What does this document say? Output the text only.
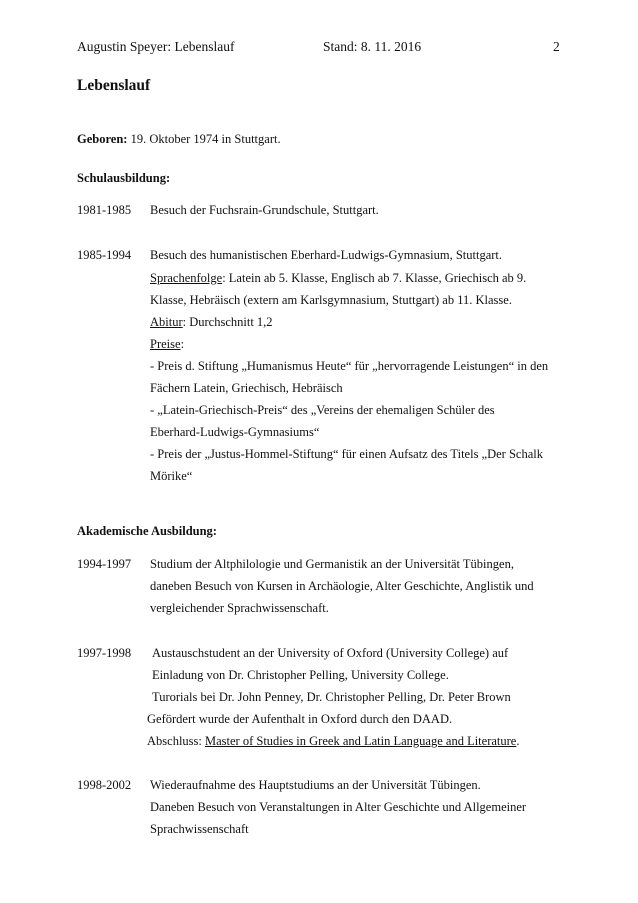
Augustin Speyer: Lebenslauf	Stand: 8. 11. 2016	2
Lebenslauf
Geboren: 19. Oktober 1974 in Stuttgart.
Schulausbildung:
1981-1985 Besuch der Fuchsrain-Grundschule, Stuttgart.
1985-1994 Besuch des humanistischen Eberhard-Ludwigs-Gymnasium, Stuttgart.
Sprachenfolge: Latein ab 5. Klasse, Englisch ab 7. Klasse, Griechisch ab 9.
Klasse, Hebräisch (extern am Karlsgymnasium, Stuttgart) ab 11. Klasse.
Abitur: Durchschnitt 1,2
Preise:
- Preis d. Stiftung „Humanismus Heute“ für „hervorragende Leistungen“ in den
Fächern Latein, Griechisch, Hebräisch
- „Latein-Griechisch-Preis“ des „Vereins der ehemaligen Schüler des
Eberhard-Ludwigs-Gymnasiums“
- Preis der „Justus-Hommel-Stiftung“ für einen Aufsatz des Titels „Der Schalk
Mörike“
Akademische Ausbildung:
1994-1997 Studium der Altphilologie und Germanistik an der Universität Tübingen,
daneben Besuch von Kursen in Archäologie, Alter Geschichte, Anglistik und
vergleichender Sprachwissenschaft.
1997-1998 Austauschstudent an der University of Oxford (University College) auf
Einladung von Dr. Christopher Pelling, University College.
Turorials bei Dr. John Penney, Dr. Christopher Pelling, Dr. Peter Brown
Gefördert wurde der Aufenthalt in Oxford durch den DAAD.
Abschluss: Master of Studies in Greek and Latin Language and Literature.
1998-2002 Wiederaufnahme des Hauptstudiums an der Universität Tübingen.
Daneben Besuch von Veranstaltungen in Alter Geschichte und Allgemeiner
Sprachwissenschaft
